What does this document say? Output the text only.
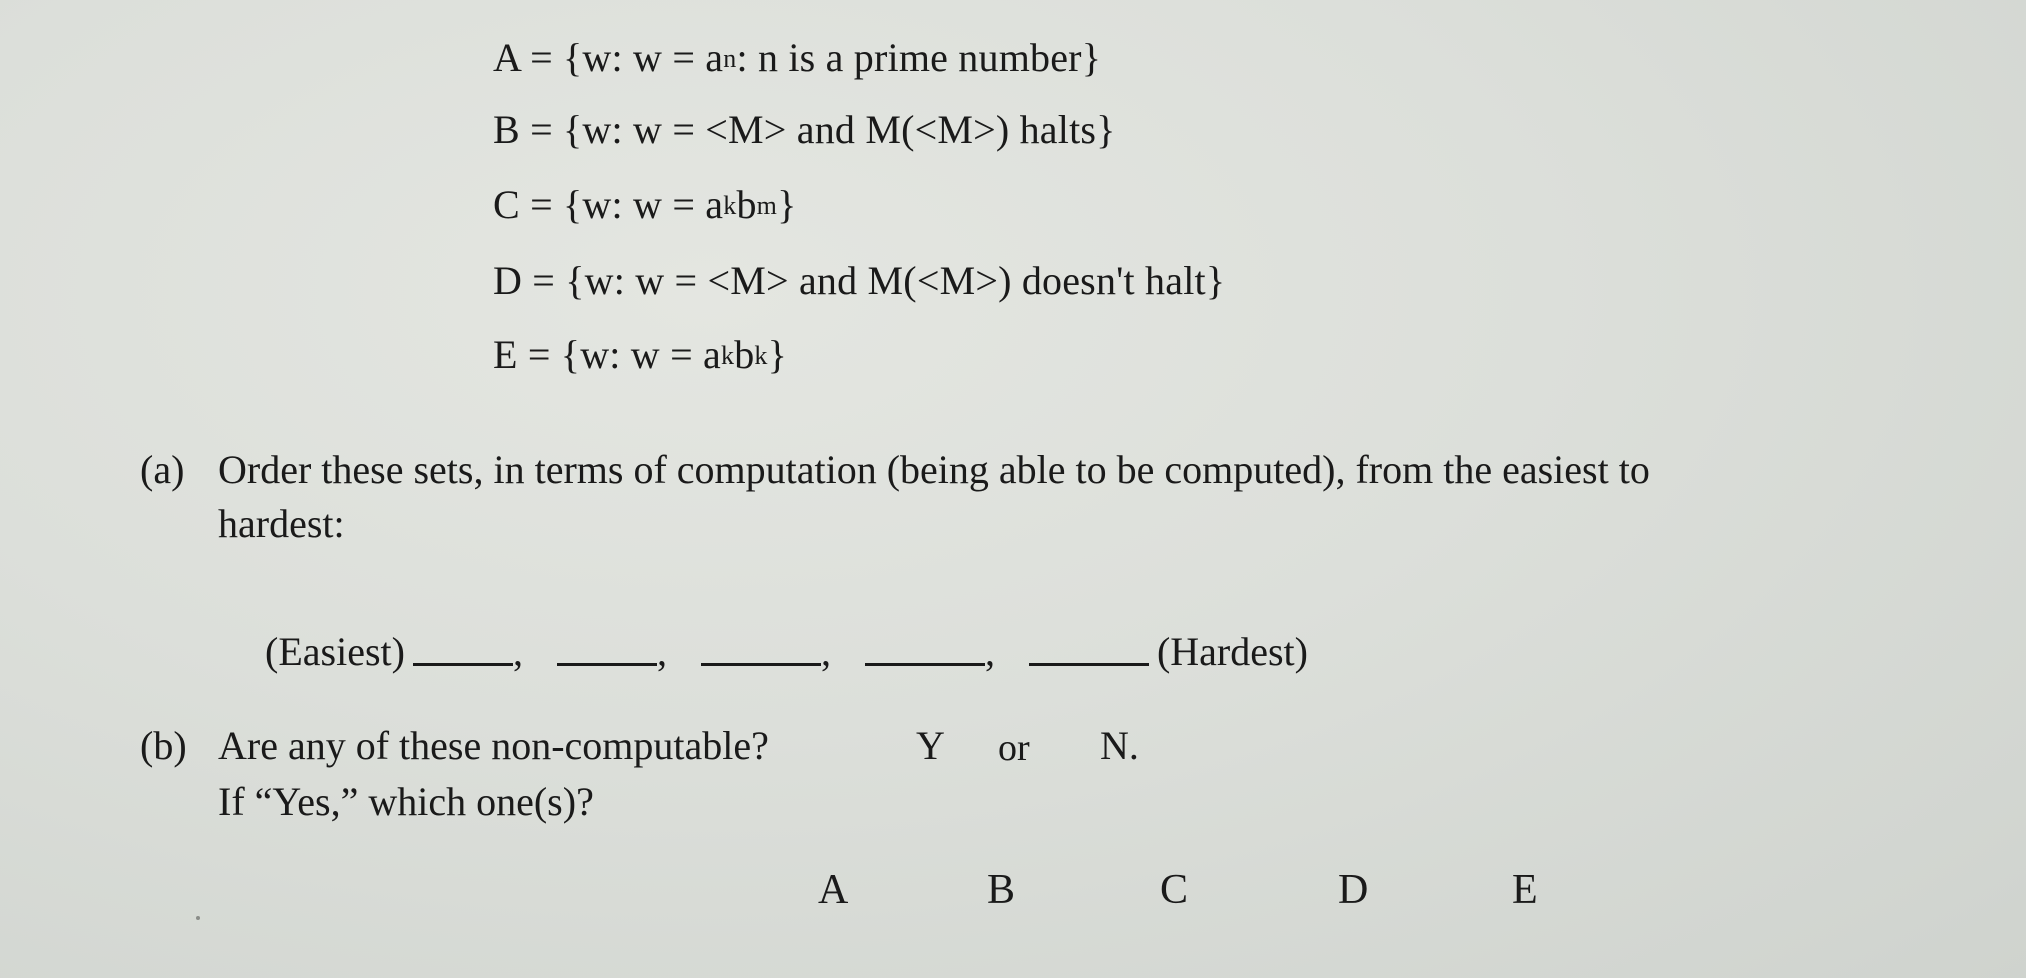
A = {w: $w = a^n$: n is a prime number}
B = {w: w = <M> and M(<M>) halts}
C = {w: $w = a^kb^m$}
D = {w: w = <M> and M(<M>) doesn't halt}
E = {w: $w = a^kb^k$}
(a) Order these sets, in terms of computation (being able to be computed), from the easiest to
hardest:
(Easiest)	,	,	,	,	(Hardest)
(b) Are any of these non-computable?	Y or N.
If “Yes,” which one(s)?
A	B	C	D	E
